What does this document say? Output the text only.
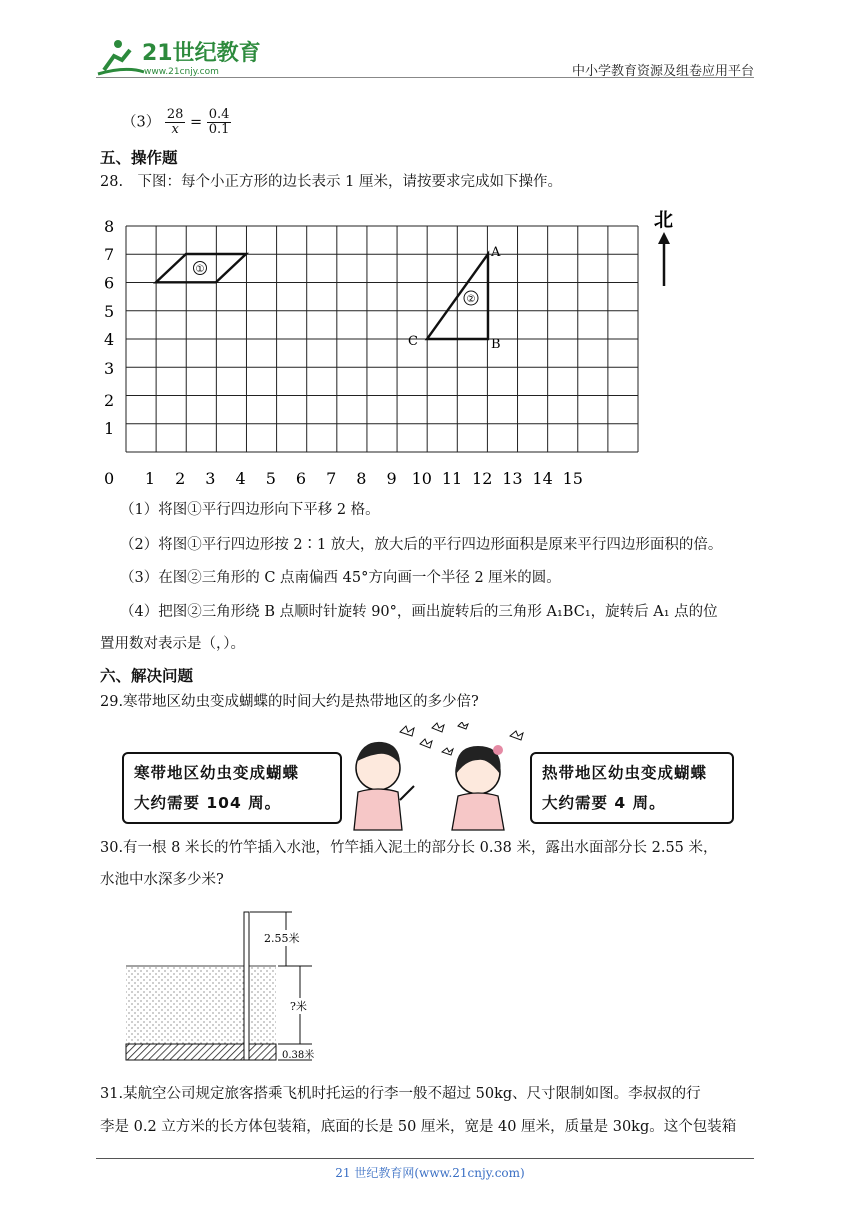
21世纪教育
www.21cnjy.com	中小学教育资源及组卷应用平台
$(3) \frac{28}{x} = \frac{0.4}{0.1}$
五、操作题
28.　下图：每个小正方形的边长表示 1 厘米，请按要求完成如下操作。
8
7
6
5
4
3
2
1
0 1 2 3 4 5 6 7 8 9 10 11 12 13 14 15
①
②
A
B
C
北
（1）将图①平行四边形向下平移 2 格。
（2）将图①平行四边形按 2∶1 放大，放大后的平行四边形面积是原来平行四边形面积的倍。
（3）在图②三角形的 C 点南偏西 45°方向画一个半径 2 厘米的圆。
（4）把图②三角形绕 B 点顺时针旋转 90°，画出旋转后的三角形 A₁BC₁，旋转后 A₁ 点的位
置用数对表示是（，）。
六、解决问题
29.寒带地区幼虫变成蝴蝶的时间大约是热带地区的多少倍?
寒带地区幼虫变成蝴蝶
大约需要 104 周。
热带地区幼虫变成蝴蝶
大约需要 4 周。
30.有一根 8 米长的竹竿插入水池，竹竿插入泥土的部分长 0.38 米，露出水面部分长 2.55 米，
水池中水深多少米?
2.55米
?米
0.38米
31.某航空公司规定旅客搭乘飞机时托运的行李一般不超过 50kg、尺寸限制如图。李叔叔的行
李是 0.2 立方米的长方体包装箱，底面的长是 50 厘米，宽是 40 厘米，质量是 30kg。这个包装箱
21 世纪教育网(www.21cnjy.com)
